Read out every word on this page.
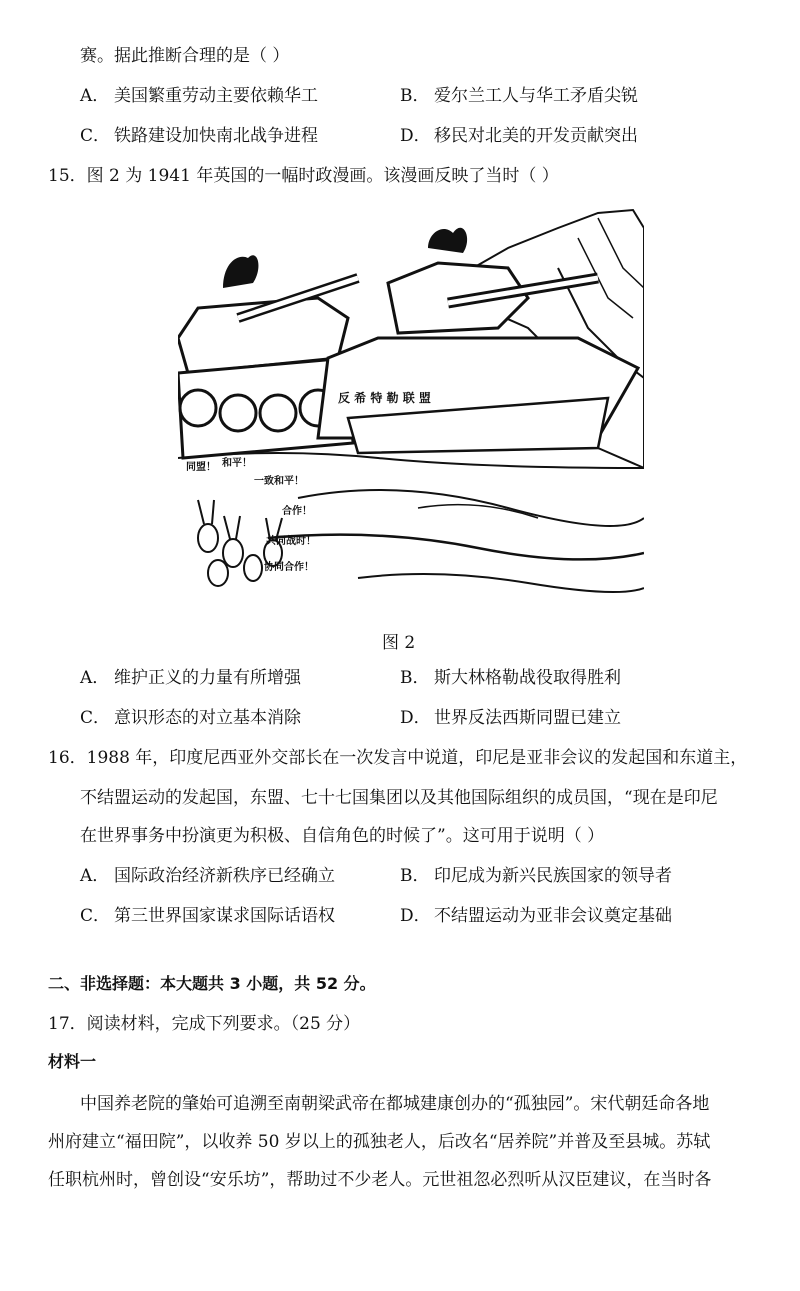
赛。据此推断合理的是（ ）
A． 美国繁重劳动主要依赖华工	B． 爱尔兰工人与华工矛盾尖锐
C． 铁路建设加快南北战争进程	D． 移民对北美的开发贡献突出
15．图 2 为 1941 年英国的一幅时政漫画。该漫画反映了当时（ ）
反 希 特 勒 联 盟
同盟！ 和平！
一致和平！
合作！
共同战时！
协同合作！
图 2
A． 维护正义的力量有所增强	B． 斯大林格勒战役取得胜利
C． 意识形态的对立基本消除	D． 世界反法西斯同盟已建立
16．1988 年，印度尼西亚外交部长在一次发言中说道，印尼是亚非会议的发起国和东道主，
不结盟运动的发起国，东盟、七十七国集团以及其他国际组织的成员国，“现在是印尼
在世界事务中扮演更为积极、自信角色的时候了”。这可用于说明（ ）
A． 国际政治经济新秩序已经确立	B． 印尼成为新兴民族国家的领导者
C． 第三世界国家谋求国际话语权	D． 不结盟运动为亚非会议奠定基础
二、非选择题：本大题共 3 小题，共 52 分。
17．阅读材料，完成下列要求。（25 分）
材料一
中国养老院的肇始可追溯至南朝梁武帝在都城建康创办的“孤独园”。宋代朝廷命各地
州府建立“福田院”，以收养 50 岁以上的孤独老人，后改名“居养院”并普及至县城。苏轼
任职杭州时，曾创设“安乐坊”，帮助过不少老人。元世祖忽必烈听从汉臣建议，在当时各
